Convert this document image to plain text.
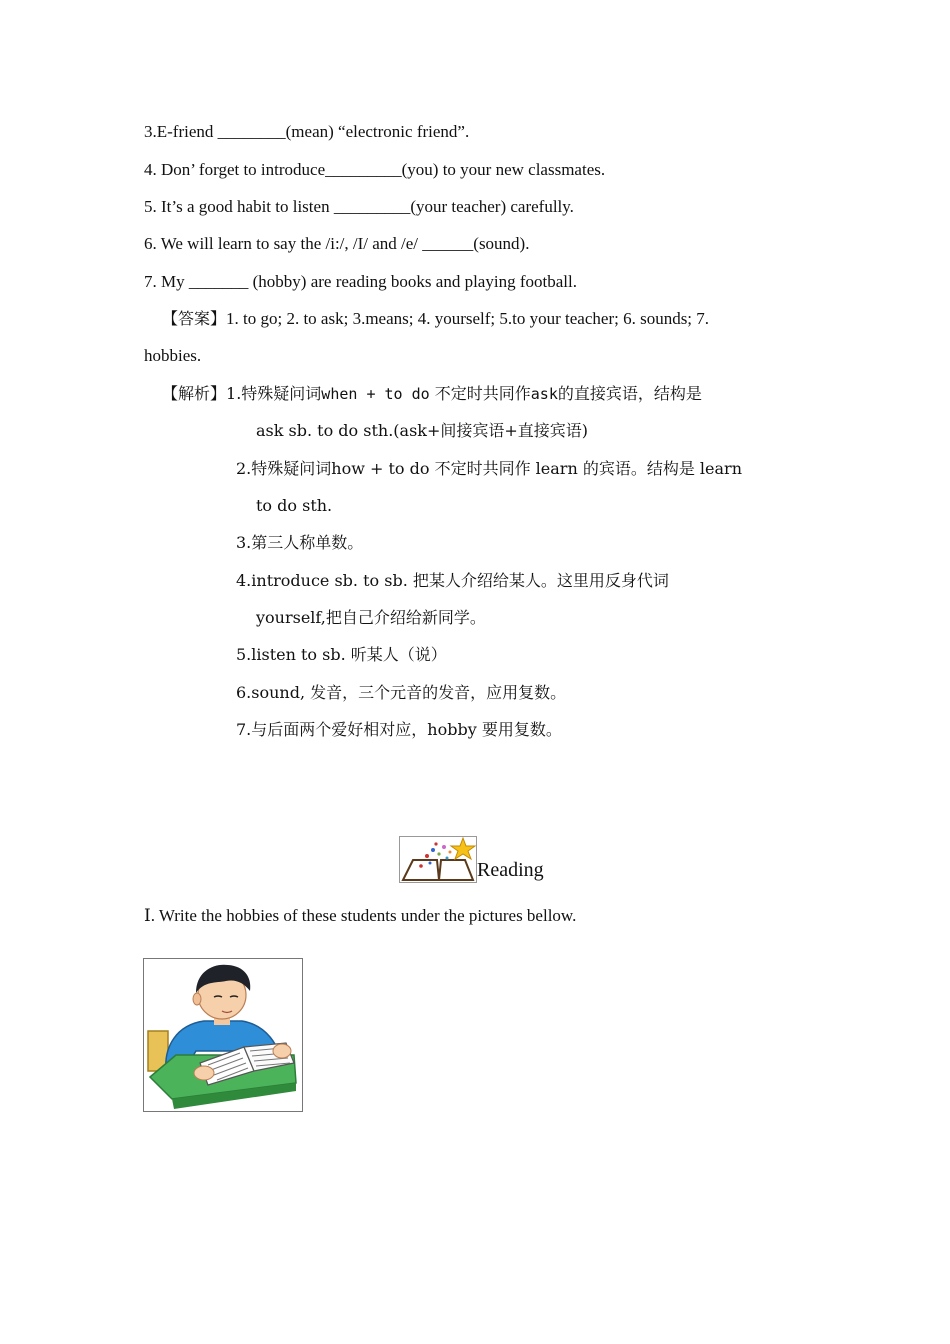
3.E-friend ________(mean) “electronic friend”.
4. Don’ forget to introduce_________(you) to your new classmates.
5. It’s a good habit to listen _________(your teacher) carefully.
6. We will learn to say the /i:/, /I/ and /e/ ______(sound).
7. My _______ (hobby) are reading books and playing football.
【答案】1. to go; 2. to ask; 3.means; 4. yourself; 5.to your teacher; 6. sounds; 7.
hobbies.
【解析】1.特殊疑问词when + to do 不定时共同作ask的直接宾语，结构是
ask sb. to do sth.(ask+间接宾语+直接宾语)
2.特殊疑问词how + to do 不定时共同作 learn 的宾语。结构是 learn
to do sth.
3.第三人称单数。
4.introduce sb. to sb. 把某人介绍给某人。这里用反身代词
yourself,把自己介绍给新同学。
5.listen to sb. 听某人（说）
6.sound, 发音，三个元音的发音，应用复数。
7.与后面两个爱好相对应，hobby 要用复数。
Reading
Ⅰ. Write the hobbies of these students under the pictures bellow.
